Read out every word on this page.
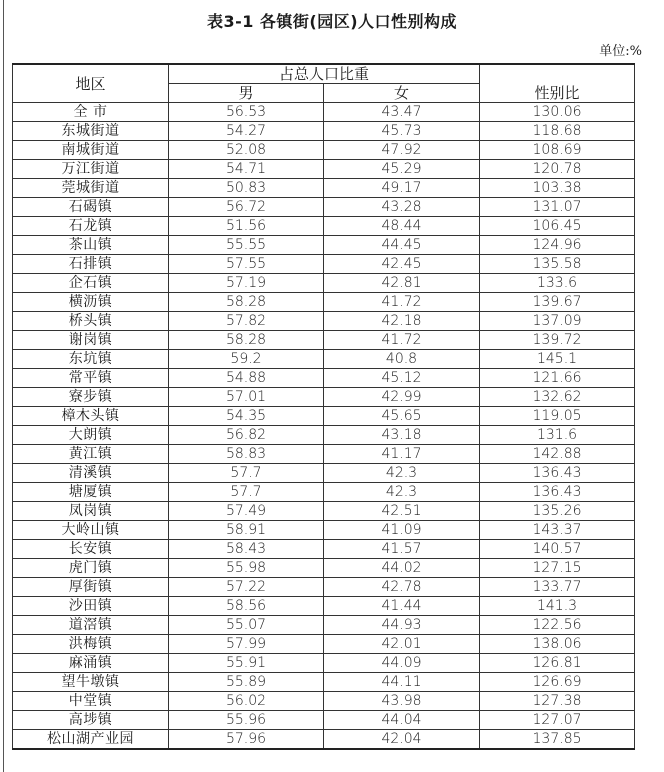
表3-1 各镇街(园区)人口性别构成
单位:%
地区	占总人口比重		性别比
	男	女	
全 市	56.53	43.47	130.06
东城街道	54.27	45.73	118.68
南城街道	52.08	47.92	108.69
万江街道	54.71	45.29	120.78
莞城街道	50.83	49.17	103.38
石碣镇	56.72	43.28	131.07
石龙镇	51.56	48.44	106.45
茶山镇	55.55	44.45	124.96
石排镇	57.55	42.45	135.58
企石镇	57.19	42.81	133.6
横沥镇	58.28	41.72	139.67
桥头镇	57.82	42.18	137.09
谢岗镇	58.28	41.72	139.72
东坑镇	59.2	40.8	145.1
常平镇	54.88	45.12	121.66
寮步镇	57.01	42.99	132.62
樟木头镇	54.35	45.65	119.05
大朗镇	56.82	43.18	131.6
黄江镇	58.83	41.17	142.88
清溪镇	57.7	42.3	136.43
塘厦镇	57.7	42.3	136.43
凤岗镇	57.49	42.51	135.26
大岭山镇	58.91	41.09	143.37
长安镇	58.43	41.57	140.57
虎门镇	55.98	44.02	127.15
厚街镇	57.22	42.78	133.77
沙田镇	58.56	41.44	141.3
道滘镇	55.07	44.93	122.56
洪梅镇	57.99	42.01	138.06
麻涌镇	55.91	44.09	126.81
望牛墩镇	55.89	44.11	126.69
中堂镇	56.02	43.98	127.38
高埗镇	55.96	44.04	127.07
松山湖产业园	57.96	42.04	137.85
